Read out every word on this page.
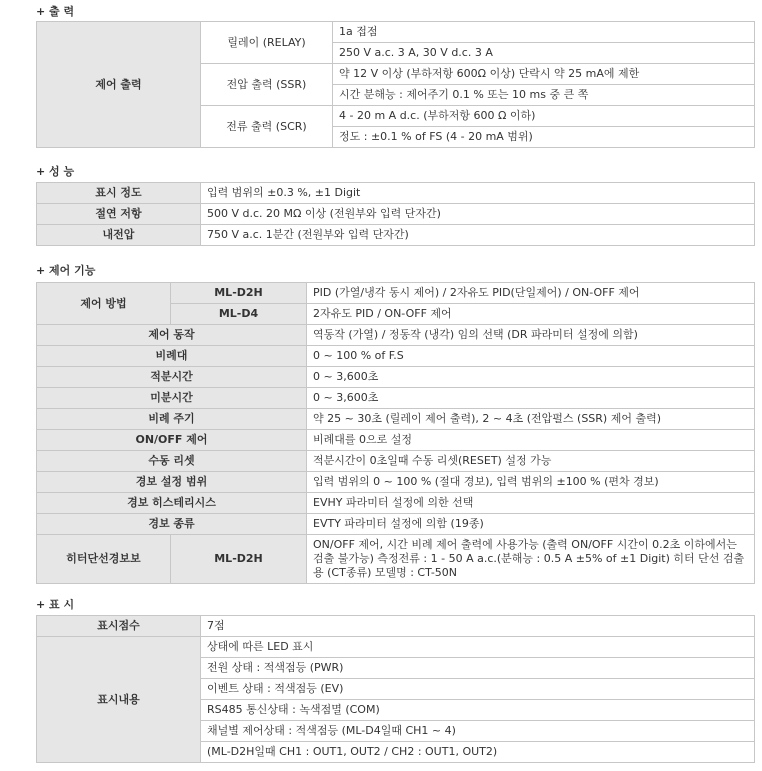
+ 출 력
제어 출력	릴레이 (RELAY)	1a 접점
		250 V a.c. 3 A, 30 V d.c. 3 A
	전압 출력 (SSR)	약 12 V 이상 (부하저항 600Ω 이상) 단락시 약 25 mA에 제한
		시간 분해능 : 제어주기 0.1 % 또는 10 ms 중 큰 쪽
	전류 출력 (SCR)	4 - 20 m A d.c. (부하저항 600 Ω 이하)
		정도 : ±0.1 % of FS (4 - 20 mA 범위)
+ 성 능
표시 정도	입력 범위의 ±0.3 %, ±1 Digit
절연 저항	500 V d.c. 20 MΩ 이상 (전원부와 입력 단자간)
내전압	750 V a.c. 1분간 (전원부와 입력 단자간)
+ 제어 기능
제어 방법	ML-D2H	PID (가열/냉각 동시 제어) / 2자유도 PID(단일제어) / ON-OFF 제어
	ML-D4	2자유도 PID / ON-OFF 제어
제어 동작		역동작 (가열) / 정동작 (냉각) 임의 선택 (DR 파라미터 설정에 의함)
비례대		0 ~ 100 % of F.S
적분시간		0 ~ 3,600초
미분시간		0 ~ 3,600초
비례 주기		약 25 ~ 30초 (릴레이 제어 출력), 2 ~ 4초 (전압펄스 (SSR) 제어 출력)
ON/OFF 제어		비례대를 0으로 설정
수동 리셋		적분시간이 0초일때 수동 리셋(RESET) 설정 가능
경보 설정 범위		입력 범위의 0 ~ 100 % (절대 경보), 입력 범위의 ±100 % (편차 경보)
경보 히스테리시스		EVHY 파라미터 설정에 의한 선택
경보 종류		EVTY 파라미터 설정에 의함 (19종)
히터단선경보보	ML-D2H	ON/OFF 제어, 시간 비례 제어 출력에 사용가능 (출력 ON/OFF 시간이 0.2초 이하에서는 검출 불가능) 측정전류 : 1 - 50 A a.c.(분해능 : 0.5 A ±5% of ±1 Digit) 히터 단선 검출용 (CT종류) 모델명 : CT-50N
+ 표 시
표시점수	7점
표시내용	상태에 따른 LED 표시
	전원 상태 : 적색점등 (PWR)
	이벤트 상태 : 적색점등 (EV)
	RS485 통신상태 : 녹색점멸 (COM)
	채널별 제어상태 : 적색점등 (ML-D4일때 CH1 ~ 4)
	(ML-D2H일때 CH1 : OUT1, OUT2 / CH2 : OUT1, OUT2)
